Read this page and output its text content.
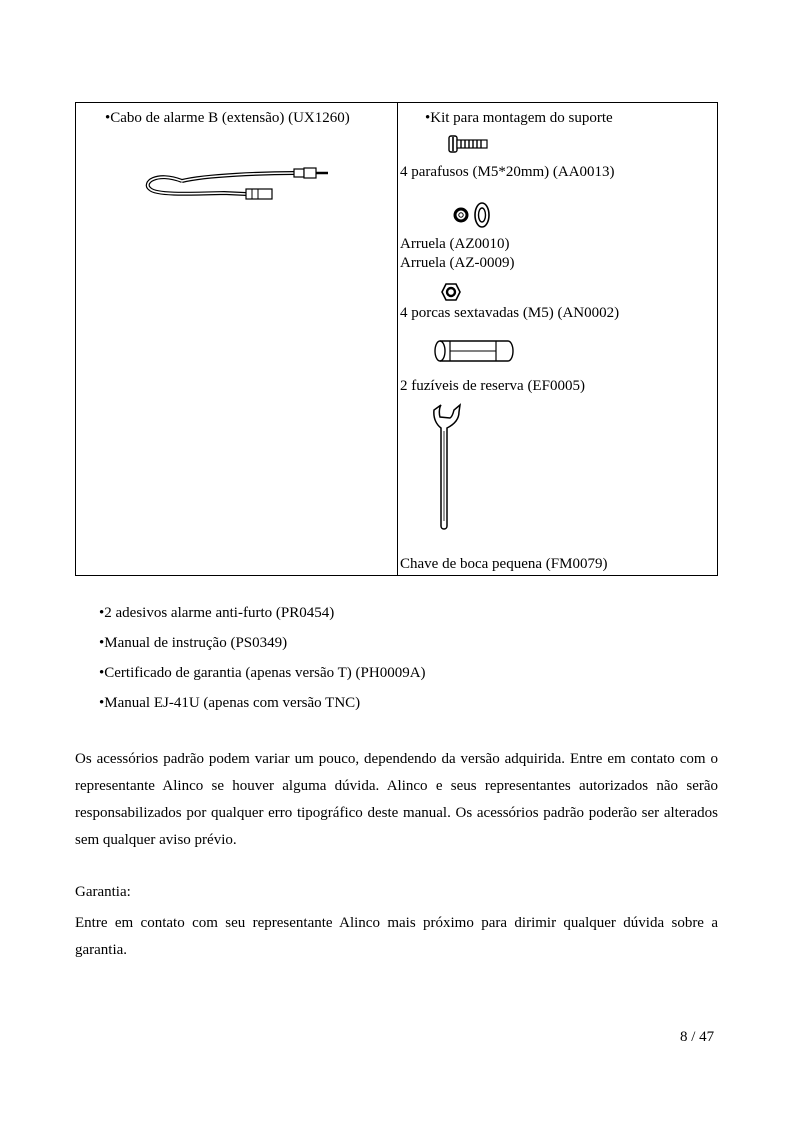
•Cabo de alarme B (extensão) (UX1260)	•Kit para montagem do suporte
4 parafusos (M5*20mm) (AA0013)
Arruela (AZ0010)
Arruela (AZ-0009)
4 porcas sextavadas (M5) (AN0002)
2 fuzíveis de reserva (EF0005)
Chave de boca pequena (FM0079)
•2 adesivos alarme anti-furto (PR0454)
•Manual de instrução (PS0349)
•Certificado de garantia (apenas versão T) (PH0009A)
•Manual EJ-41U (apenas com versão TNC)
Os acessórios padrão podem variar um pouco, dependendo da versão adquirida. Entre em contato com o representante Alinco se houver alguma dúvida. Alinco e seus representantes autorizados não serão responsabilizados por qualquer erro tipográfico deste manual. Os acessórios padrão poderão ser alterados sem qualquer aviso prévio.
Garantia:
Entre em contato com seu representante Alinco mais próximo para dirimir qualquer dúvida sobre a garantia.
8 / 47
